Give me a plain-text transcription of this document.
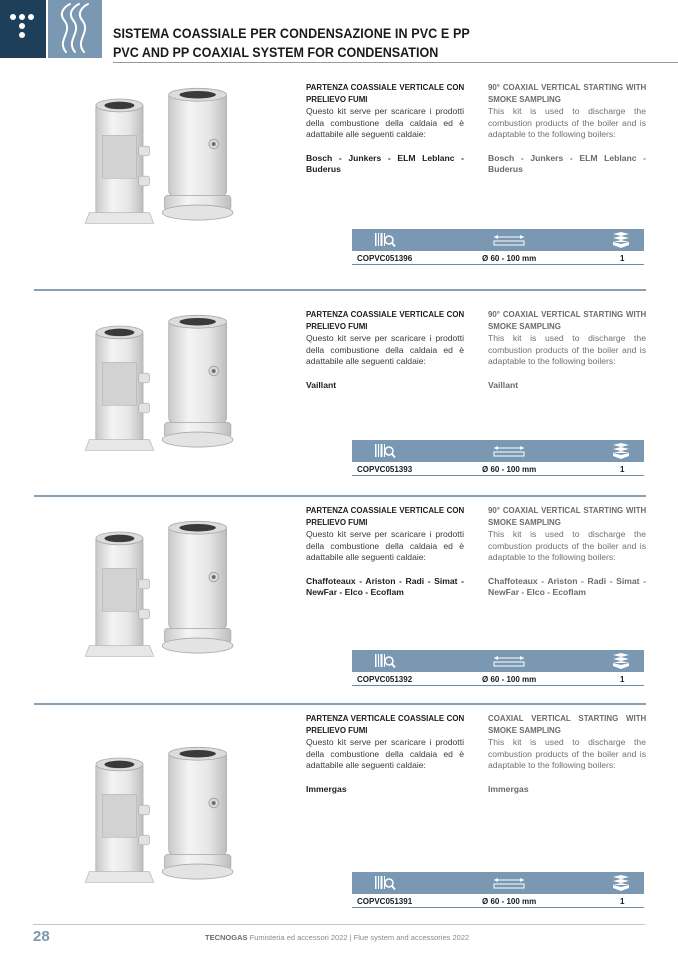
SISTEMA COASSIALE PER CONDENSAZIONE IN PVC E PP
PVC AND PP COAXIAL SYSTEM FOR CONDENSATION
PARTENZA COASSIALE VERTICALE CON PRELIEVO FUMI
Questo kit serve per scaricare i prodotti della combustione della caldaia ed è adattabile alle seguenti caldaie:
Bosch - Junkers - ELM Leblanc - Buderus
90° COAXIAL VERTICAL STARTING WITH SMOKE SAMPLING
This kit is used to discharge the combustion products of the boiler and is adaptable to the following boilers:
Bosch - Junkers - ELM Leblanc - Buderus
COPVC051396	Ø 60 - 100 mm	1
PARTENZA COASSIALE VERTICALE CON PRELIEVO FUMI
Questo kit serve per scaricare i prodotti della combustione della caldaia ed è adattabile alle seguenti caldaie:
Vaillant
90° COAXIAL VERTICAL STARTING WITH SMOKE SAMPLING
This kit is used to discharge the combustion products of the boiler and is adaptable to the following boilers:
Vaillant
COPVC051393	Ø 60 - 100 mm	1
PARTENZA COASSIALE VERTICALE CON PRELIEVO FUMI
Questo kit serve per scaricare i prodotti della combustione della caldaia ed è adattabile alle seguenti caldaie:
Chaffoteaux - Ariston - Radi - Simat - NewFar - Elco - Ecoflam
90° COAXIAL VERTICAL STARTING WITH SMOKE SAMPLING
This kit is used to discharge the combustion products of the boiler and is adaptable to the following boilers:
Chaffoteaux - Ariston - Radi - Simat - NewFar - Elco - Ecoflam
COPVC051392	Ø 60 - 100 mm	1
PARTENZA VERTICALE COASSIALE CON PRELIEVO FUMI
Questo kit serve per scaricare i prodotti della combustione della caldaia ed è adattabile alle seguenti caldaie:
Immergas
COAXIAL VERTICAL STARTING WITH SMOKE SAMPLING
This kit is used to discharge the combustion products of the boiler and is adaptable to the following boilers:
Immergas
COPVC051391	Ø 60 - 100 mm	1
28	TECNOGAS Fumisteria ed accessori 2022 | Flue system and accessories 2022
